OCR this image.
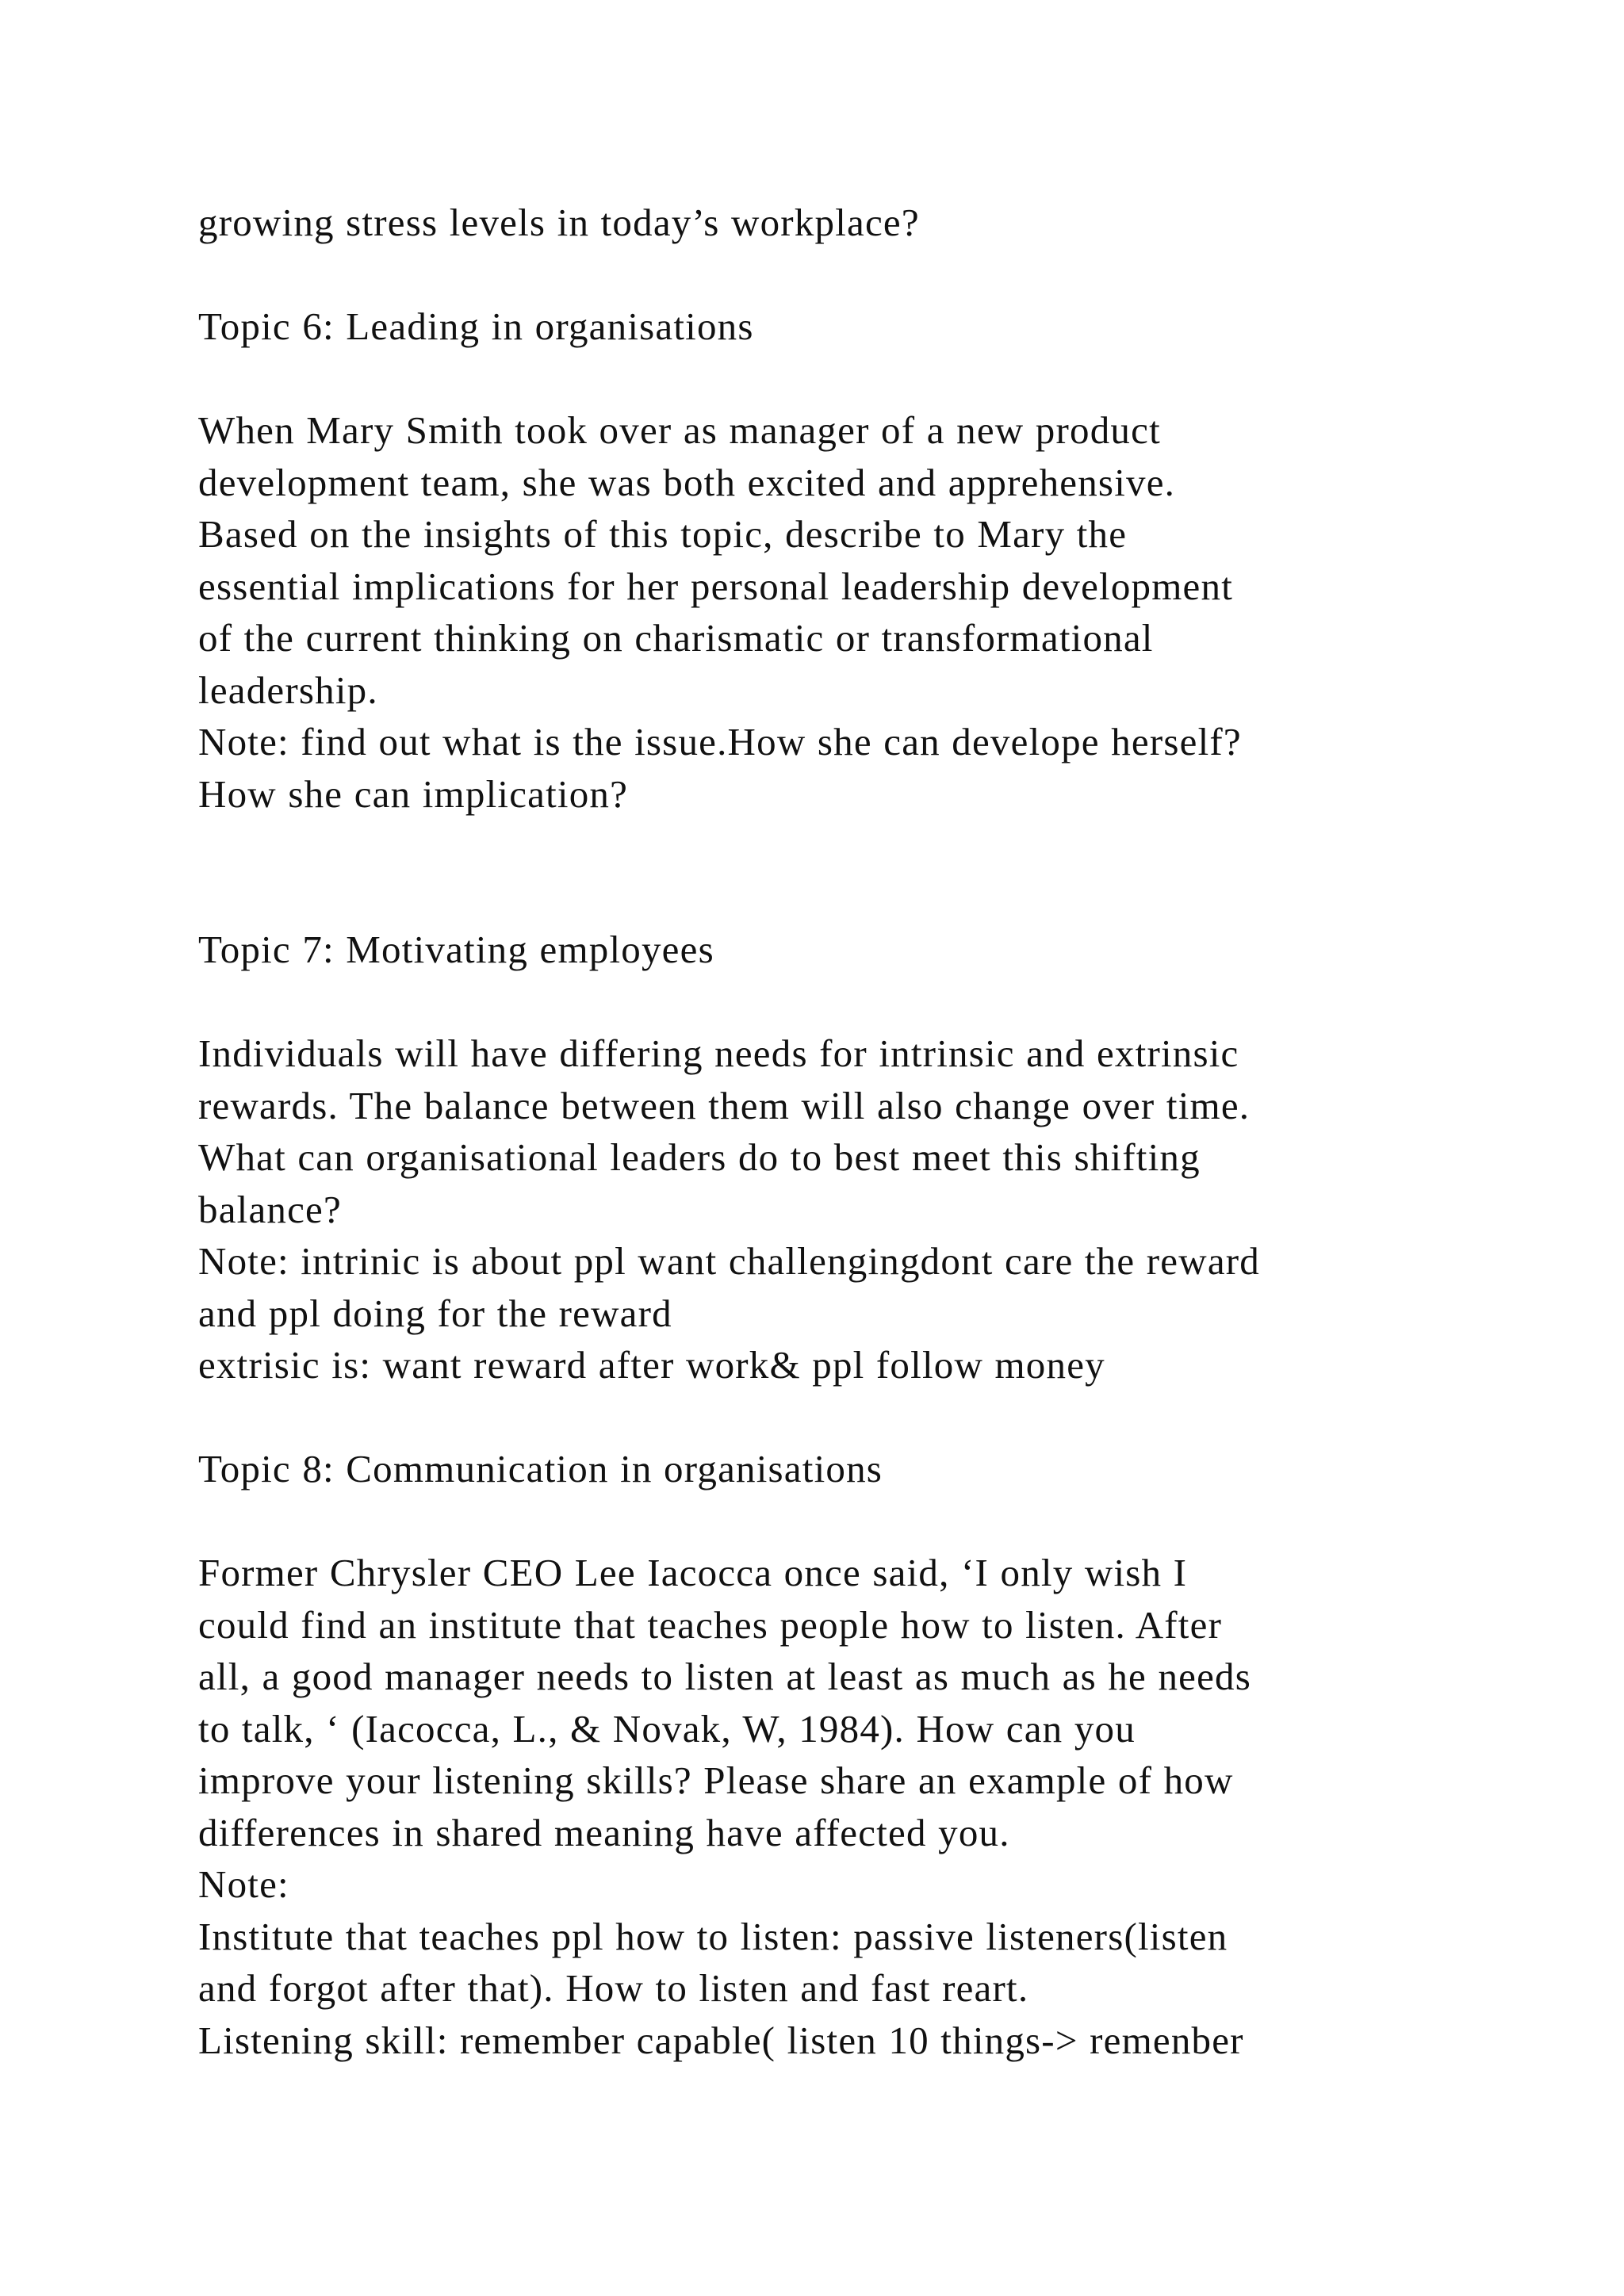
growing stress levels in today’s workplace?
Topic 6: Leading in organisations
When Mary Smith took over as manager of a new product
development team, she was both excited and apprehensive.
Based on the insights of this topic, describe to Mary the
essential implications for her personal leadership development
of the current thinking on charismatic or transformational
leadership.
Note: find out what is the issue.How she can develope herself?
How she can implication?
Topic 7: Motivating employees
Individuals will have differing needs for intrinsic and extrinsic
rewards. The balance between them will also change over time.
What can organisational leaders do to best meet this shifting
balance?
Note: intrinic is about ppl want challengingdont care the reward
and ppl doing for the reward
extrisic is: want reward after work& ppl follow money
Topic 8: Communication in organisations
Former Chrysler CEO Lee Iacocca once said, ‘I only wish I
could find an institute that teaches people how to listen. After
all, a good manager needs to listen at least as much as he needs
to talk, ‘ (Iacocca, L., & Novak, W, 1984). How can you
improve your listening skills? Please share an example of how
differences in shared meaning have affected you.
Note:
Institute that teaches ppl how to listen: passive listeners(listen
and forgot after that). How to listen and fast reart.
Listening skill: remember capable( listen 10 things-> remenber
